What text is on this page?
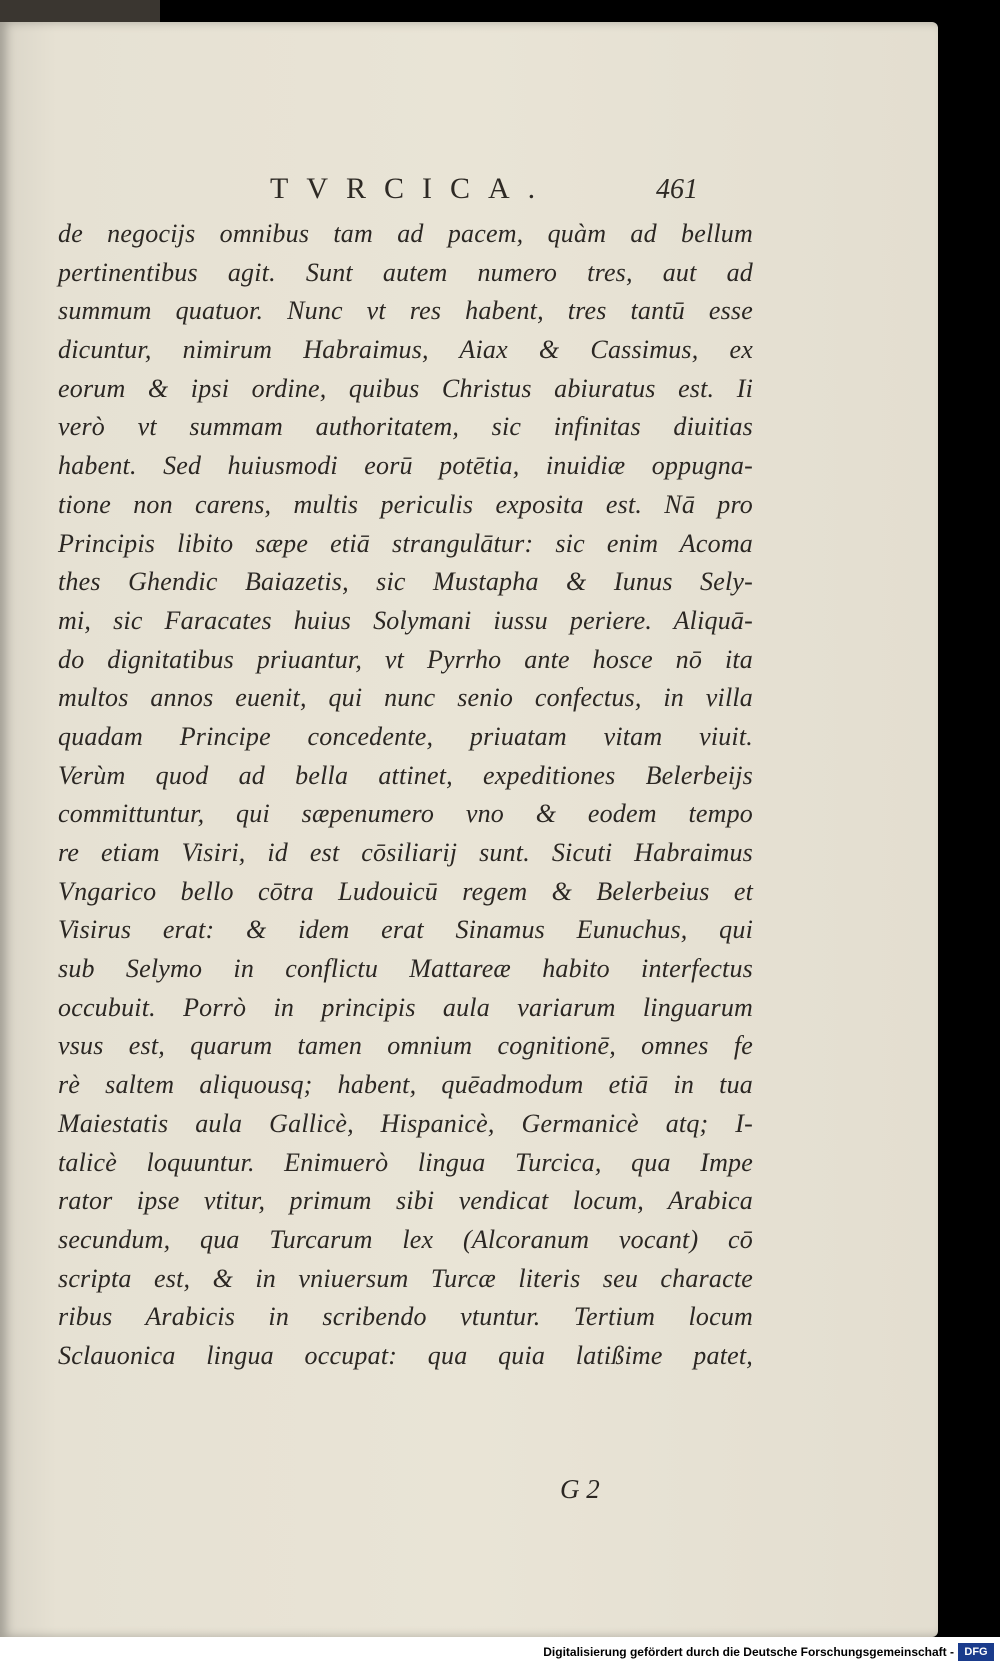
TVRCICA.	461
de negocijs omnibus tam ad pacem, quàm ad bellum
pertinentibus agit. Sunt autem numero tres, aut ad
summum quatuor. Nunc vt res habent, tres tantū esse
dicuntur, nimirum Habraimus, Aiax & Cassimus, ex
eorum & ipsi ordine, quibus Christus abiuratus est. Ii
verò vt summam authoritatem, sic infinitas diuitias
habent. Sed huiusmodi eorū potētia, inuidiæ oppugna-
tione non carens, multis periculis exposita est. Nā pro
Principis libito sæpe etiā strangulātur: sic enim Acoma
thes Ghendic Baiazetis, sic Mustapha & Iunus Sely-
mi, sic Faracates huius Solymani iussu periere. Aliquā-
do dignitatibus priuantur, vt Pyrrho ante hosce nō ita
multos annos euenit, qui nunc senio confectus, in villa
quadam Principe concedente, priuatam vitam viuit.
Verùm quod ad bella attinet, expeditiones Belerbeijs
committuntur, qui sæpenumero vno & eodem tempo
re etiam Visiri, id est cōsiliarij sunt. Sicuti Habraimus
Vngarico bello cōtra Ludouicū regem & Belerbeius et
Visirus erat: & idem erat Sinamus Eunuchus, qui
sub Selymo in conflictu Mattareæ habito interfectus
occubuit. Porrò in principis aula variarum linguarum
vsus est, quarum tamen omnium cognitionē, omnes fe
rè saltem aliquousq; habent, quēadmodum etiā in tua
Maiestatis aula Gallicè, Hispanicè, Germanicè atq; I-
talicè loquuntur. Enimuerò lingua Turcica, qua Impe
rator ipse vtitur, primum sibi vendicat locum, Arabica
secundum, qua Turcarum lex (Alcoranum vocant) cō
scripta est, & in vniuersum Turcæ literis seu characte
ribus Arabicis in scribendo vtuntur. Tertium locum
Sclauonica lingua occupat: qua quia latißime patet,
G 2
Digitalisierung gefördert durch die Deutsche Forschungsgemeinschaft - DFG
